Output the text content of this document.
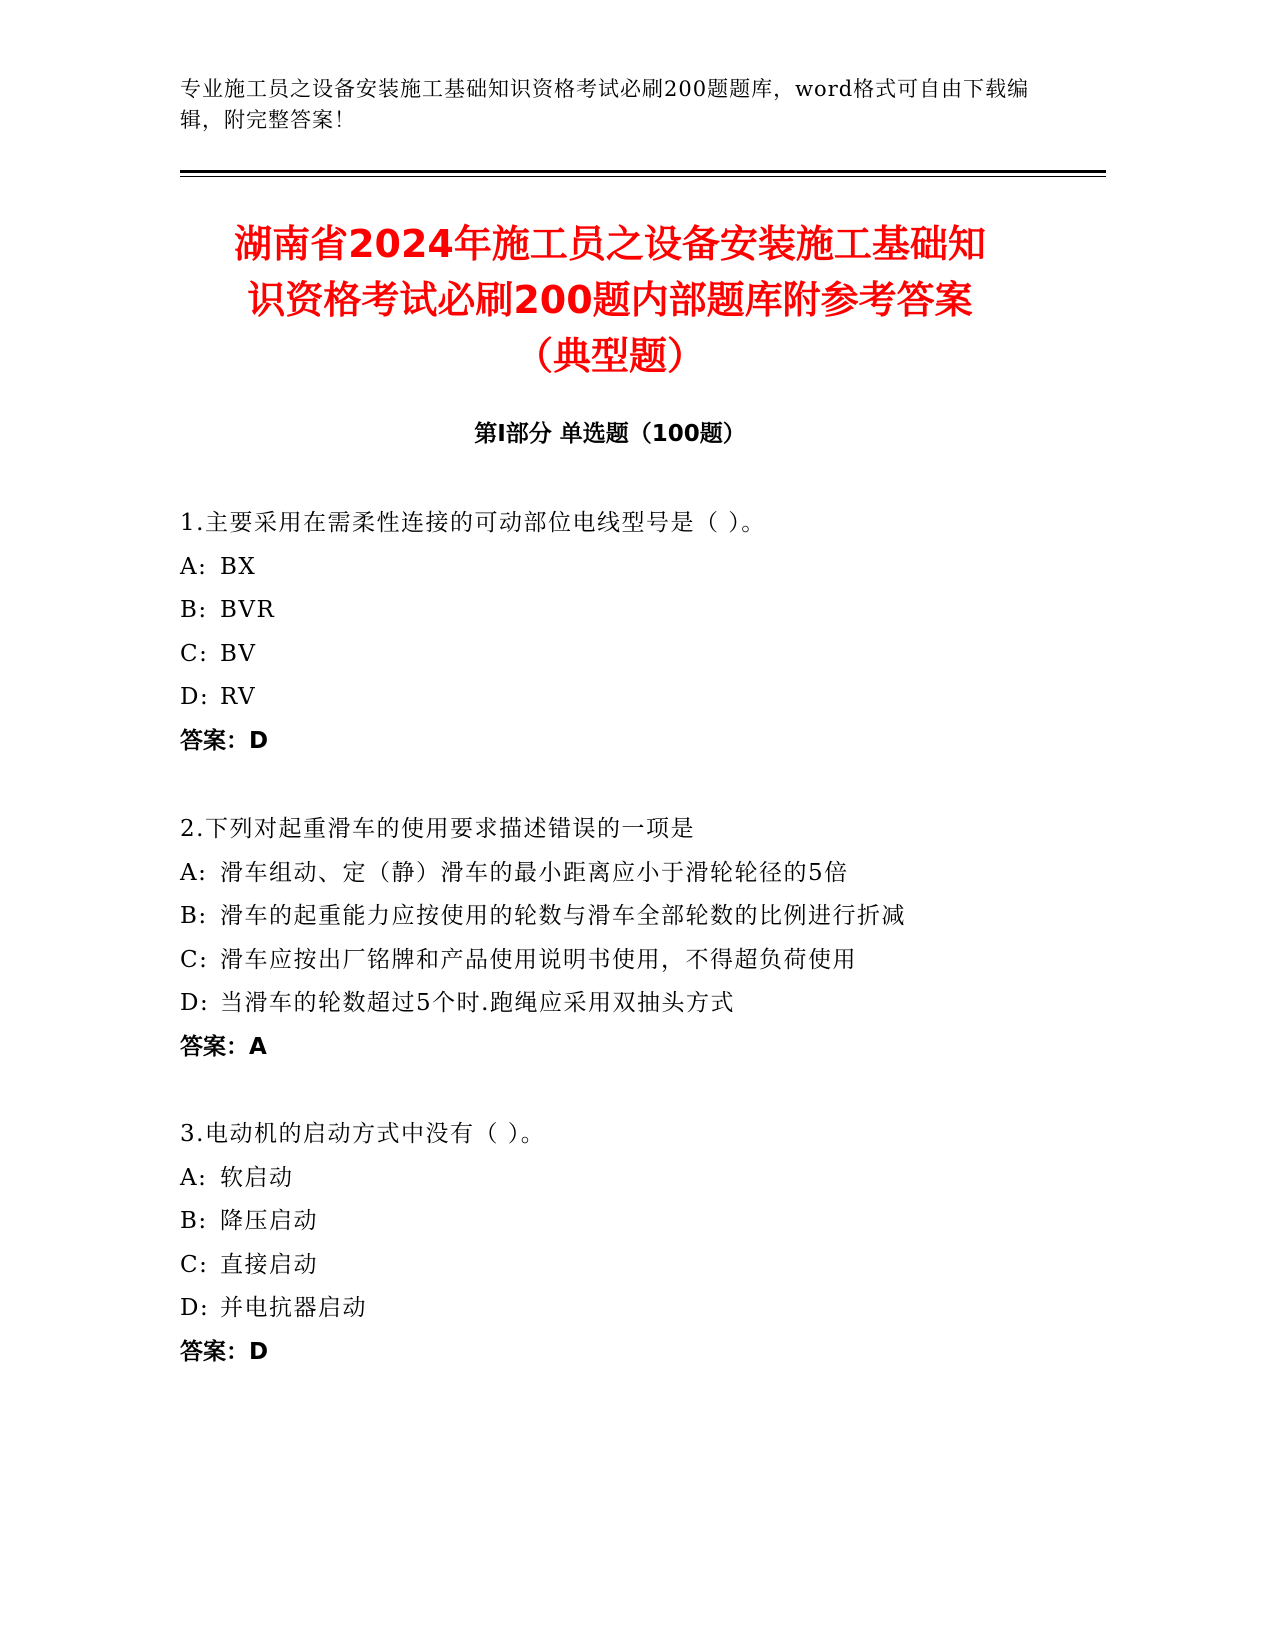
专业施工员之设备安装施工基础知识资格考试必刷200题题库，word格式可自由下载编辑，附完整答案！
湖南省2024年施工员之设备安装施工基础知
识资格考试必刷200题内部题库附参考答案
（典型题）
第Ⅰ部分 单选题（100题）
1.主要采用在需柔性连接的可动部位电线型号是（ ）。
A: BX
B: BVR
C: BV
D: RV
答案：D
2.下列对起重滑车的使用要求描述错误的一项是
A: 滑车组动、定（静）滑车的最小距离应小于滑轮轮径的5倍
B: 滑车的起重能力应按使用的轮数与滑车全部轮数的比例进行折减
C: 滑车应按出厂铭牌和产品使用说明书使用，不得超负荷使用
D: 当滑车的轮数超过5个时.跑绳应采用双抽头方式
答案：A
3.电动机的启动方式中没有（ ）。
A: 软启动
B: 降压启动
C: 直接启动
D: 并电抗器启动
答案：D
